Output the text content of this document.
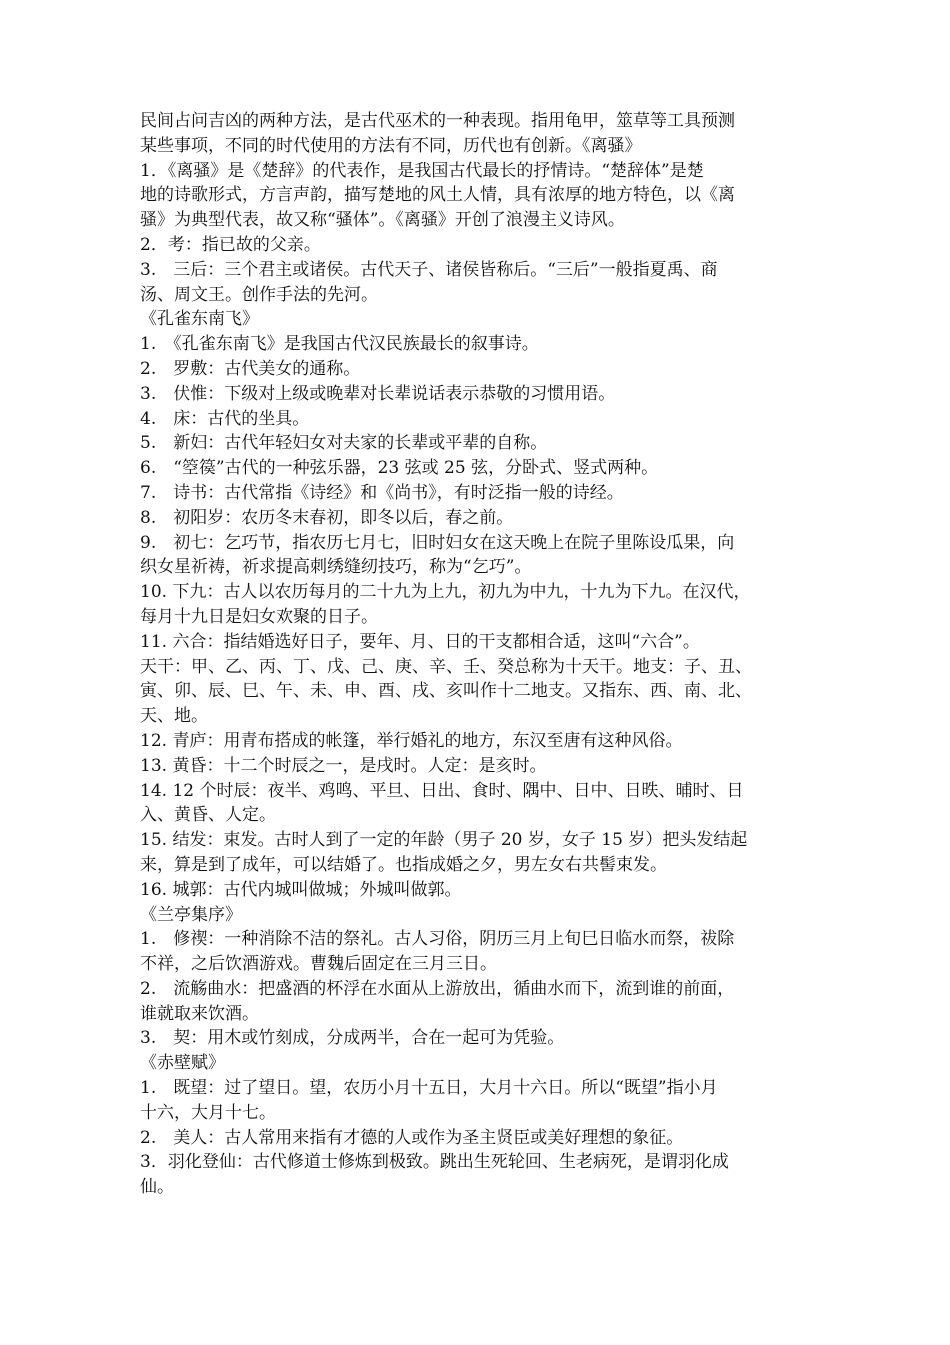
民间占问吉凶的两种方法，是古代巫术的一种表现。指用龟甲，筮草等工具预测
某些事项，不同的时代使用的方法有不同，历代也有创新。《离骚》
1．《离骚》是《楚辞》的代表作，是我国古代最长的抒情诗。“楚辞体”是楚
地的诗歌形式，方言声韵，描写楚地的风土人情，具有浓厚的地方特色，以《离
骚》为典型代表，故又称“骚体”。《离骚》开创了浪漫主义诗风。
2．考：指已故的父亲。
3.　三后：三个君主或诸侯。古代天子、诸侯皆称后。“三后”一般指夏禹、商
汤、周文王。创作手法的先河。
《孔雀东南飞》
1.　《孔雀东南飞》是我国古代汉民族最长的叙事诗。
2.　罗敷：古代美女的通称。
3.　伏惟：下级对上级或晚辈对长辈说话表示恭敬的习惯用语。
4.　床：古代的坐具。
5.　新妇：古代年轻妇女对夫家的长辈或平辈的自称。
6.　“箜篌”古代的一种弦乐器，23 弦或 25 弦，分卧式、竖式两种。
7.　诗书：古代常指《诗经》和《尚书》，有时泛指一般的诗经。
8.　初阳岁：农历冬末春初，即冬以后，春之前。
9.　初七：乞巧节，指农历七月七，旧时妇女在这天晚上在院子里陈设瓜果，向
织女星祈祷，祈求提高刺绣缝纫技巧，称为“乞巧”。
10. 下九：古人以农历每月的二十九为上九，初九为中九，十九为下九。在汉代，
每月十九日是妇女欢聚的日子。
11. 六合：指结婚选好日子，要年、月、日的干支都相合适，这叫“六合”。
天干：甲、乙、丙、丁、戊、己、庚、辛、壬、癸总称为十天干。地支：子、丑、
寅、卯、辰、巳、午、未、申、酉、戌、亥叫作十二地支。又指东、西、南、北、
天、地。
12. 青庐：用青布搭成的帐篷，举行婚礼的地方，东汉至唐有这种风俗。
13. 黄昏：十二个时辰之一，是戌时。人定：是亥时。
14. 12 个时辰：夜半、鸡鸣、平旦、日出、食时、隅中、日中、日昳、晡时、日
入、黄昏、人定。
15. 结发：束发。古时人到了一定的年龄（男子 20 岁，女子 15 岁）把头发结起
来，算是到了成年，可以结婚了。也指成婚之夕，男左女右共髻束发。
16. 城郭：古代内城叫做城；外城叫做郭。
《兰亭集序》
1.　修禊：一种消除不洁的祭礼。古人习俗，阴历三月上旬巳日临水而祭，祓除
不祥，之后饮酒游戏。曹魏后固定在三月三日。
2.　流觞曲水：把盛酒的杯浮在水面从上游放出，循曲水而下，流到谁的前面，
谁就取来饮酒。
3.　契：用木或竹刻成，分成两半，合在一起可为凭验。
《赤壁赋》
1.　既望：过了望日。望，农历小月十五日，大月十六日。所以“既望”指小月
十六，大月十七。
2.　美人：古人常用来指有才德的人或作为圣主贤臣或美好理想的象征。
3．羽化登仙：古代修道士修炼到极致。跳出生死轮回、生老病死，是谓羽化成
仙。
